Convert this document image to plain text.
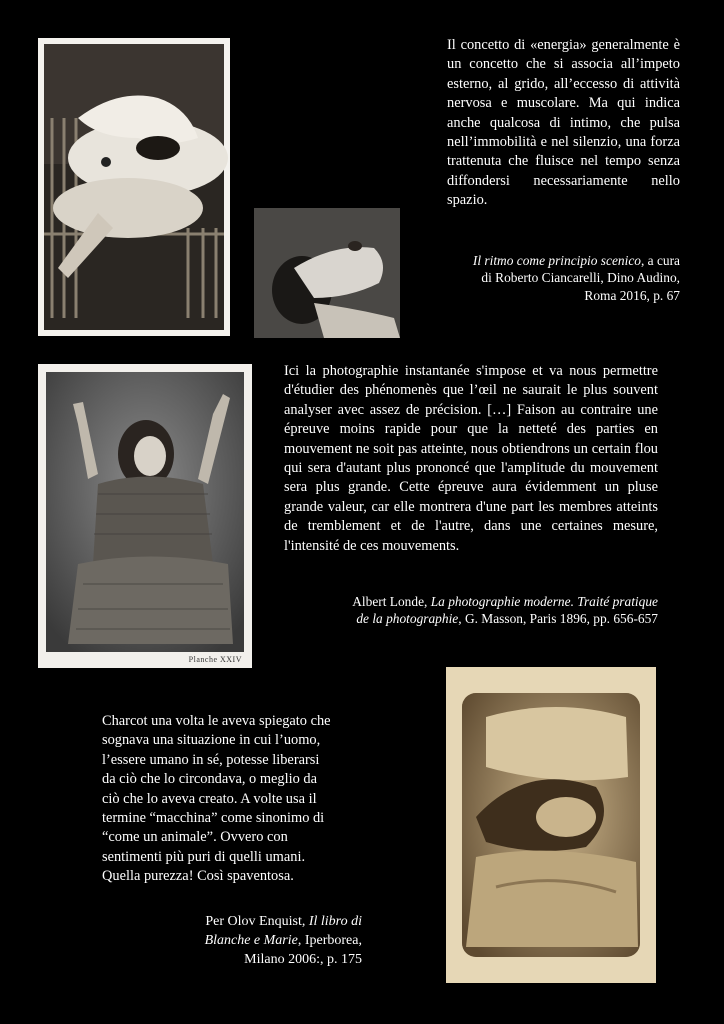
Planche XXIV

Il concetto di «energia» generalmente è un concetto che si associa all’impeto esterno, al grido, all’eccesso di attività nervosa e muscolare. Ma qui indica anche qualcosa di intimo, che pulsa nell’immobilità e nel silenzio, una forza trattenuta che fluisce nel tempo senza diffondersi necessariamente nello spazio.

Il ritmo come principio scenico, a cura
di Roberto Ciancarelli, Dino Audino,
Roma 2016, p. 67

Ici la photographie instantanée s'impose et va nous permettre d'étudier des phénomenès que l’œil ne saurait le plus souvent analyser avec assez de précision. […] Faison au contraire une épreuve moins rapide pour que la netteté des parties en mouvement ne soit pas atteinte, nous obtiendrons un certain flou qui sera d'autant plus prononcé que l'amplitude du mouvement sera plus grande. Cette épreuve aura évidemment un pluse grande valeur, car elle montrera d'une part les membres atteints de tremblement et de l'autre, dans une certaines mesure, l'intensité de ces mouvements.

Albert Londe, La photographie moderne. Traité pratique
de la photographie, G. Masson, Paris 1896, pp. 656-657
Charcot una volta le aveva spiegato che
sognava una situazione in cui l’uomo,
l’essere umano in sé, potesse liberarsi
da ciò che lo circondava, o meglio da
ciò che lo aveva creato. A volte usa il
termine “macchina” come sinonimo di
“come un animale”. Ovvero con
sentimenti più puri di quelli umani.
Quella purezza! Così spaventosa.
Per Olov Enquist, Il libro di
Blanche e Marie, Iperborea,
Milano 2006:, p. 175
